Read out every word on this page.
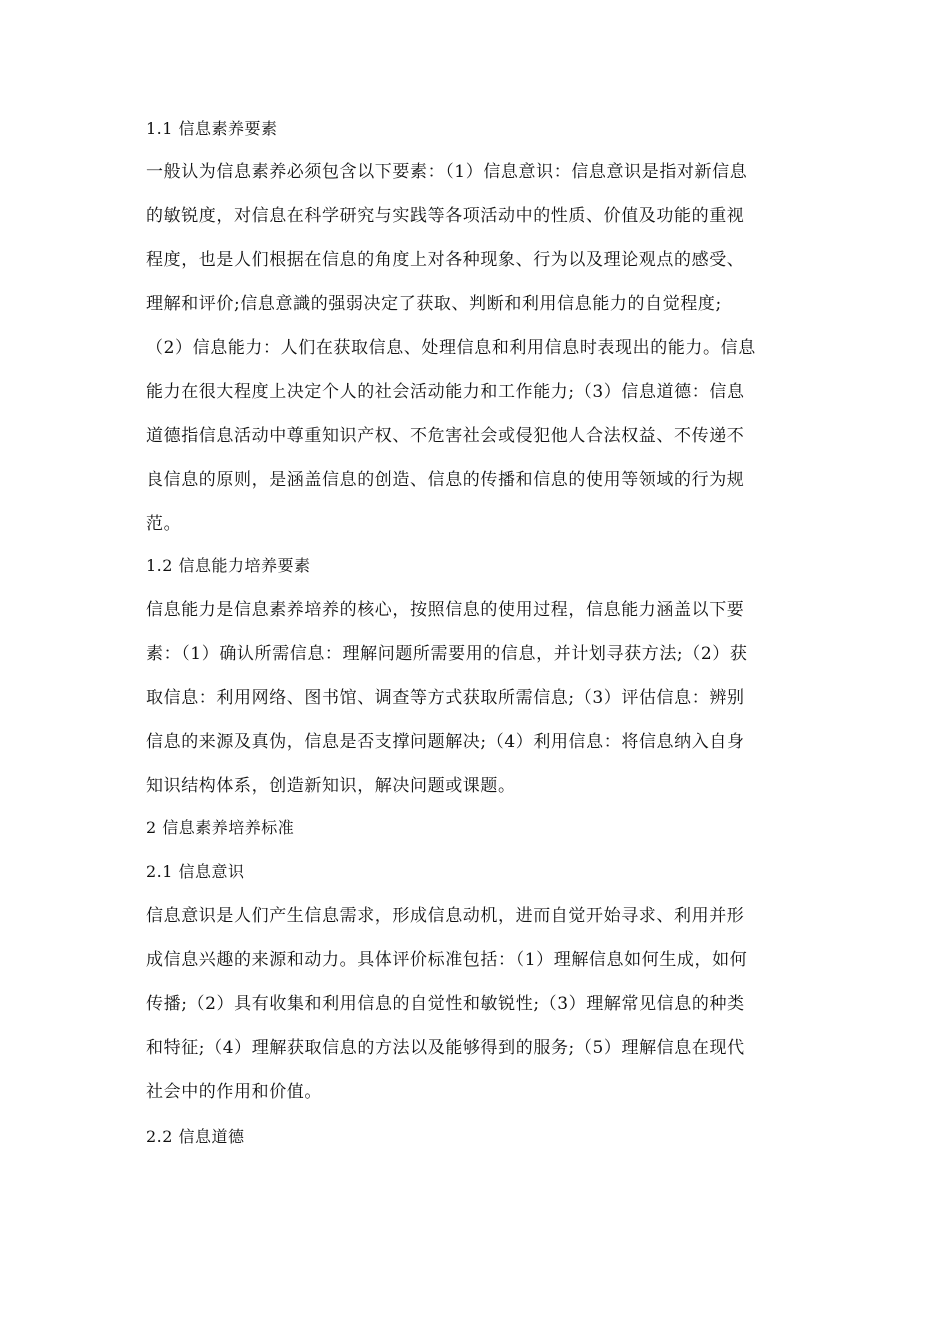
1.1 信息素养要素
一般认为信息素养必须包含以下要素：（1）信息意识：信息意识是指对新信息
的敏锐度，对信息在科学研究与实践等各项活动中的性质、价值及功能的重视
程度，也是人们根据在信息的角度上对各种现象、行为以及理论观点的感受、
理解和评价;信息意識的强弱决定了获取、判断和利用信息能力的自觉程度;
（2）信息能力：人们在获取信息、处理信息和利用信息时表现出的能力。信息
能力在很大程度上决定个人的社会活动能力和工作能力;（3）信息道德：信息
道德指信息活动中尊重知识产权、不危害社会或侵犯他人合法权益、不传递不
良信息的原则，是涵盖信息的创造、信息的传播和信息的使用等领域的行为规
范。
1.2 信息能力培养要素
信息能力是信息素养培养的核心，按照信息的使用过程，信息能力涵盖以下要
素：（1）确认所需信息：理解问题所需要用的信息，并计划寻获方法;（2）获
取信息：利用网络、图书馆、调查等方式获取所需信息;（3）评估信息：辨别
信息的来源及真伪，信息是否支撑问题解决;（4）利用信息：将信息纳入自身
知识结构体系，创造新知识，解决问题或课题。
2 信息素养培养标准
2.1 信息意识
信息意识是人们产生信息需求，形成信息动机，进而自觉开始寻求、利用并形
成信息兴趣的来源和动力。具体评价标准包括：（1）理解信息如何生成，如何
传播;（2）具有收集和利用信息的自觉性和敏锐性;（3）理解常见信息的种类
和特征;（4）理解获取信息的方法以及能够得到的服务;（5）理解信息在现代
社会中的作用和价值。
2.2 信息道德
